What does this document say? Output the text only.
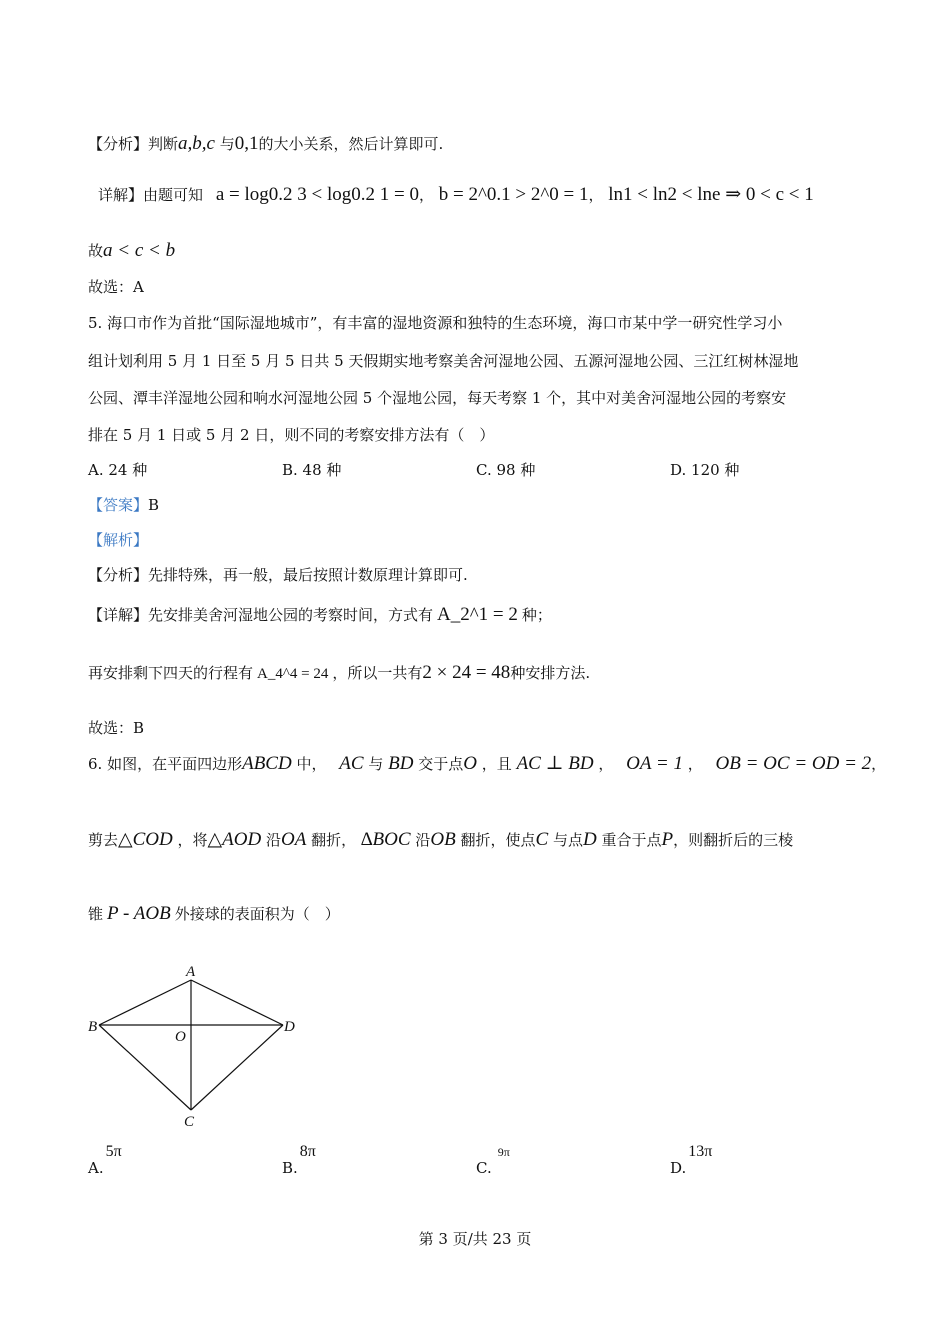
【分析】判断a,b,c 与0,1的大小关系，然后计算即可.
详解】由题可知 a = log0.2 3 < log0.2 1 = 0， b = 2^0.1 > 2^0 = 1， ln1 < ln2 < lne ⇒ 0 < c < 1
故a < c < b
故选：A
5. 海口市作为首批“国际湿地城市”，有丰富的湿地资源和独特的生态环境，海口市某中学一研究性学习小
组计划利用 5 月 1 日至 5 月 5 日共 5 天假期实地考察美舍河湿地公园、五源河湿地公园、三江红树林湿地
公园、潭丰洋湿地公园和响水河湿地公园 5 个湿地公园，每天考察 1 个，其中对美舍河湿地公园的考察安
排在 5 月 1 日或 5 月 2 日，则不同的考察安排方法有（　）
A. 24 种	B. 48 种	C. 98 种	D. 120 种
【答案】B
【解析】
【分析】先排特殊，再一般，最后按照计数原理计算即可.
【详解】先安排美舍河湿地公园的考察时间，方式有 A_2^1 = 2 种；
再安排剩下四天的行程有 A_4^4 = 24 ，所以一共有2 × 24 = 48种安排方法.
故选：B
6. 如图，在平面四边形ABCD 中， AC 与 BD 交于点O ，且 AC ⊥ BD ， OA = 1 ， OB = OC = OD = 2，
剪去△COD ，将△AOD 沿OA 翻折， ∆BOC 沿OB 翻折，使点C 与点D 重合于点P，则翻折后的三棱
锥 P - AOB 外接球的表面积为（　）
A
B
O
D
C
A.5π
B.8π
C.9π
D.13π
第 3 页/共 23 页
